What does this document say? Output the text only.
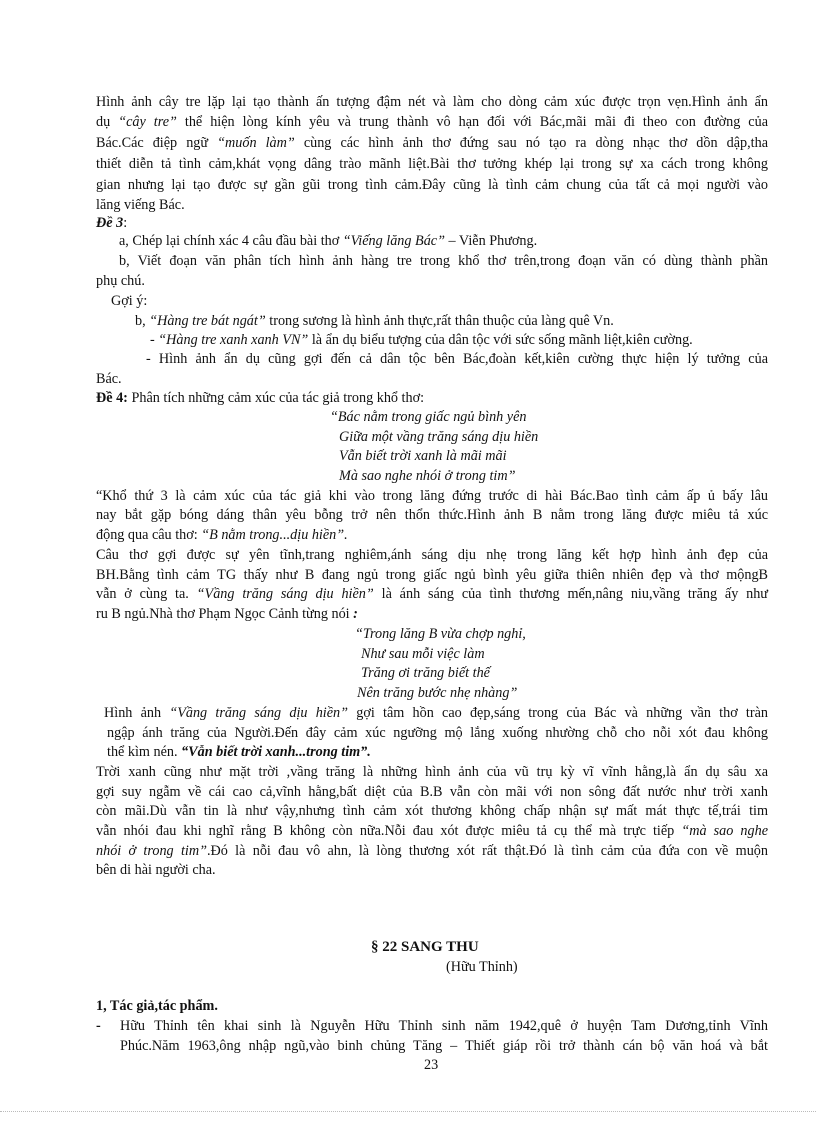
Hình ảnh cây tre lặp lại tạo thành ấn tượng đậm nét và làm cho dòng cảm xúc được trọn vẹn.Hình ảnh ẩn
dụ “cây tre” thể hiện lòng kính yêu và trung thành vô hạn đối với Bác,mãi mãi đi theo con đường của
Bác.Các điệp ngữ “muốn làm” cùng các hình ảnh thơ đứng sau nó tạo ra dòng nhạc thơ dồn dập,tha
thiết diễn tả tình cảm,khát vọng dâng trào mãnh liệt.Bài thơ tưởng khép lại trong sự xa cách trong không
gian nhưng lại tạo được sự gần gũi trong tình cảm.Đây cũng là tình cảm chung của tất cả mọi người vào
lăng viếng Bác.
Đề 3:
a, Chép lại chính xác 4 câu đầu bài thơ “Viếng lăng Bác” – Viễn Phương.
b, Viết đoạn văn phân tích hình ảnh hàng tre trong khổ thơ trên,trong đoạn văn có dùng thành phần
phụ chú.
Gợi ý:
b, “Hàng tre bát ngát” trong sương là hình ảnh thực,rất thân thuộc của làng quê Vn.
- “Hàng tre xanh xanh VN” là ẩn dụ biểu tượng của dân tộc với sức sống mãnh liệt,kiên cường.
- Hình ảnh ẩn dụ cũng gợi đến cả dân tộc bên Bác,đoàn kết,kiên cường thực hiện lý tưởng của
Bác.
Đề 4: Phân tích những cảm xúc của tác giả trong khổ thơ:
“Bác nằm trong giấc ngủ bình yên
Giữa một vầng trăng sáng dịu hiền
Vẫn biết trời xanh là mãi mãi
Mà sao nghe nhói ở trong tim”
“Khổ thứ 3 là cảm xúc của tác giả khi vào trong lăng đứng trước di hài Bác.Bao tình cảm ấp ủ bấy lâu
nay bắt gặp bóng dáng thân yêu bỗng trở nên thổn thức.Hình ảnh B nằm trong lăng được miêu tả xúc
động qua câu thơ: “B nằm trong...dịu hiền”.
Câu thơ gợi được sự yên tĩnh,trang nghiêm,ánh sáng dịu nhẹ trong lăng kết hợp hình ảnh đẹp của
BH.Bằng tình cảm TG thấy như B đang ngủ trong giấc ngủ bình yêu giữa thiên nhiên đẹp và thơ mộngB
vẫn ở cùng ta. “Vầng trăng sáng dịu hiền” là ánh sáng của tình thương mến,nâng niu,vầng trăng ấy như
ru B ngủ.Nhà thơ Phạm Ngọc Cảnh từng nói :
“Trong lăng B vừa chợp nghỉ,
Như sau mỗi việc làm
Trăng ơi trăng biết thế
Nên trăng bước nhẹ nhàng”
Hình ảnh “Vầng trăng sáng dịu hiền” gợi tâm hồn cao đẹp,sáng trong của Bác và những vần thơ tràn
ngập ánh trăng của Người.Đến đây cảm xúc ngưỡng mộ lắng xuống nhường chỗ cho nỗi xót đau không
thể kìm nén. “Vẫn biết trời xanh...trong tim”.
Trời xanh cũng như mặt trời ,vầng trăng là những hình ảnh của vũ trụ kỳ vĩ vĩnh hằng,là ẩn dụ sâu xa
gợi suy ngẫm về cái cao cả,vĩnh hằng,bất diệt của B.B vẫn còn mãi với non sông đất nước như trời xanh
còn mãi.Dù vẫn tin là như vậy,nhưng tình cảm xót thương không chấp nhận sự mất mát thực tế,trái tim
vẫn nhói đau khi nghĩ rằng B không còn nữa.Nỗi đau xót được miêu tả cụ thể mà trực tiếp “mà sao nghe
nhói ở trong tim”.Đó là nỗi đau vô ahn, là lòng thương xót rất thật.Đó là tình cảm của đứa con về muộn
bên di hài người cha.
§ 22 SANG THU
(Hữu Thỉnh)
1, Tác giả,tác phẩm.
-	Hữu Thỉnh tên khai sinh là Nguyễn Hữu Thỉnh sinh năm 1942,quê ở huyện Tam Dương,tỉnh Vĩnh
Phúc.Năm 1963,ông nhập ngũ,vào binh chủng Tăng – Thiết giáp rồi trở thành cán bộ văn hoá và bắt
23
